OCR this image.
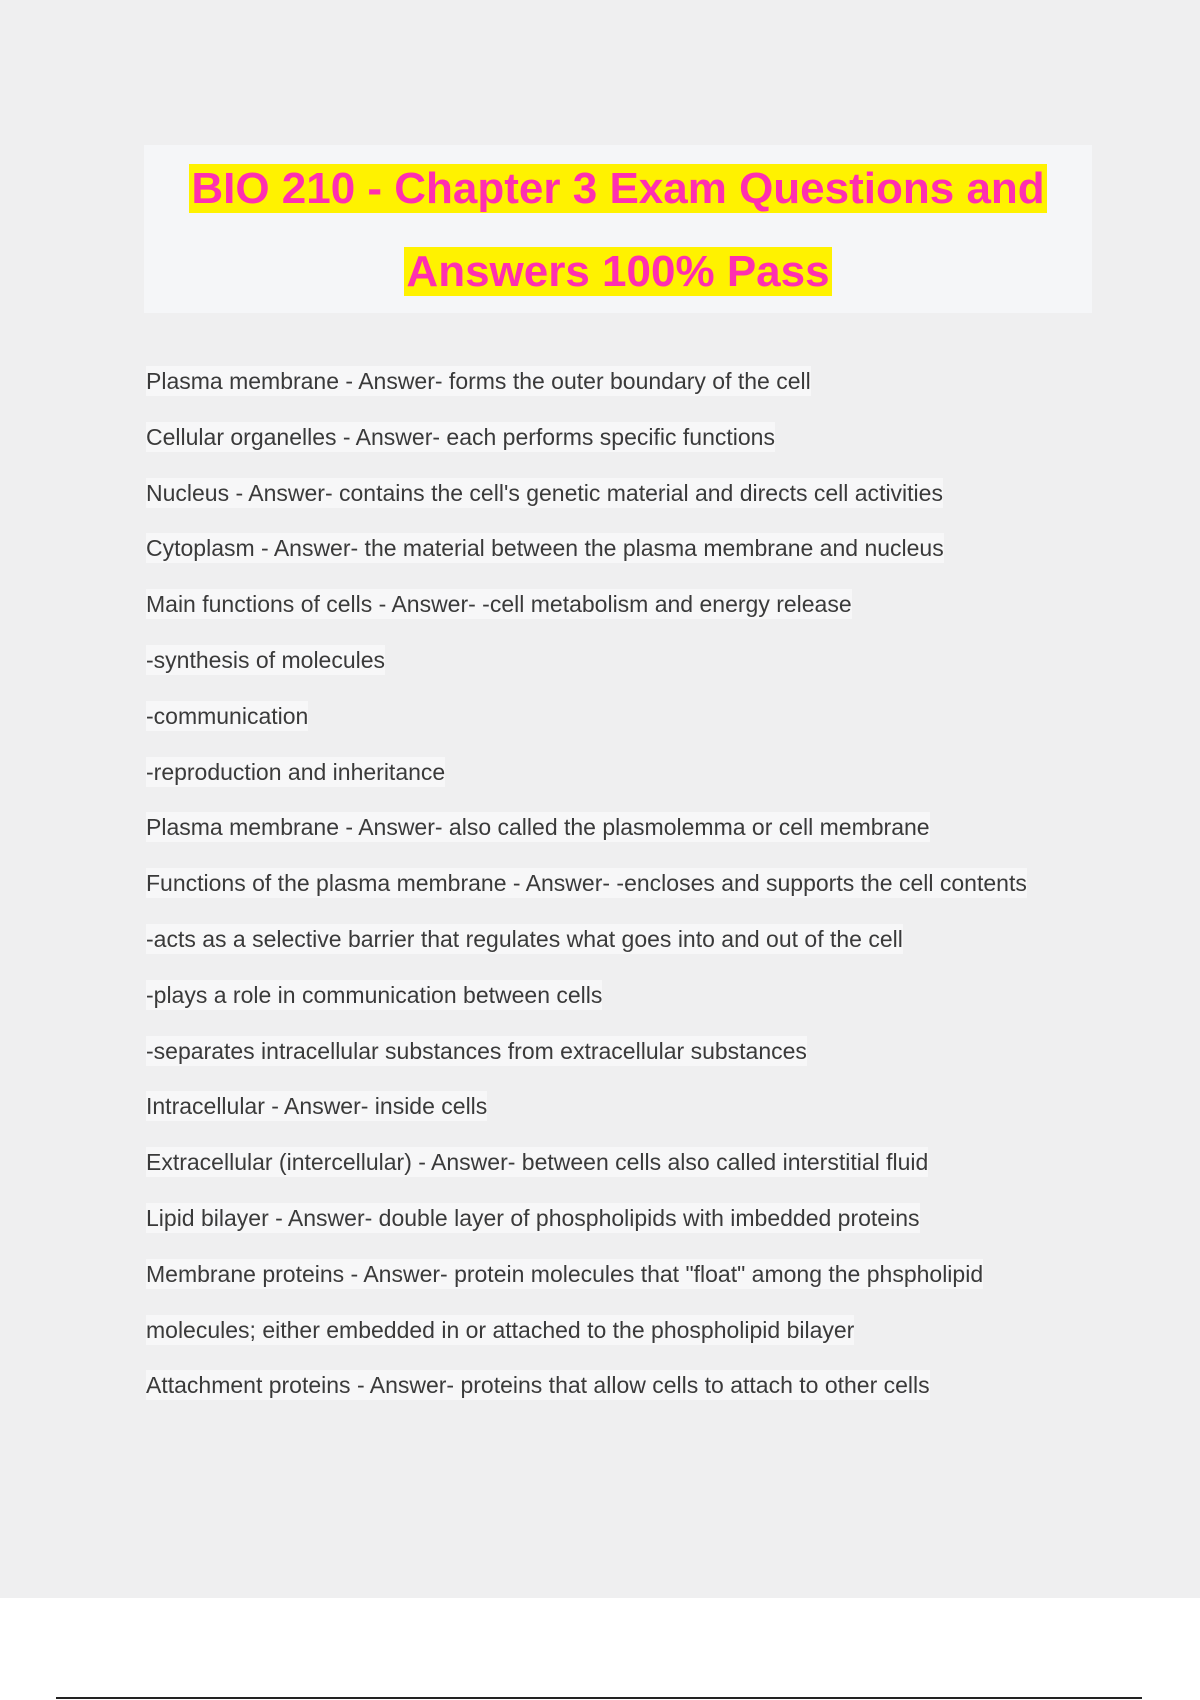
BIO 210 - Chapter 3 Exam Questions and
Answers 100% Pass
Plasma membrane - Answer- forms the outer boundary of the cell
Cellular organelles - Answer- each performs specific functions
Nucleus - Answer- contains the cell's genetic material and directs cell activities
Cytoplasm - Answer- the material between the plasma membrane and nucleus
Main functions of cells - Answer- -cell metabolism and energy release
-synthesis of molecules
-communication
-reproduction and inheritance
Plasma membrane - Answer- also called the plasmolemma or cell membrane
Functions of the plasma membrane - Answer- -encloses and supports the cell contents
-acts as a selective barrier that regulates what goes into and out of the cell
-plays a role in communication between cells
-separates intracellular substances from extracellular substances
Intracellular - Answer- inside cells
Extracellular (intercellular) - Answer- between cells also called interstitial fluid
Lipid bilayer - Answer- double layer of phospholipids with imbedded proteins
Membrane proteins - Answer- protein molecules that "float" among the phspholipid
molecules; either embedded in or attached to the phospholipid bilayer
Attachment proteins - Answer- proteins that allow cells to attach to other cells
